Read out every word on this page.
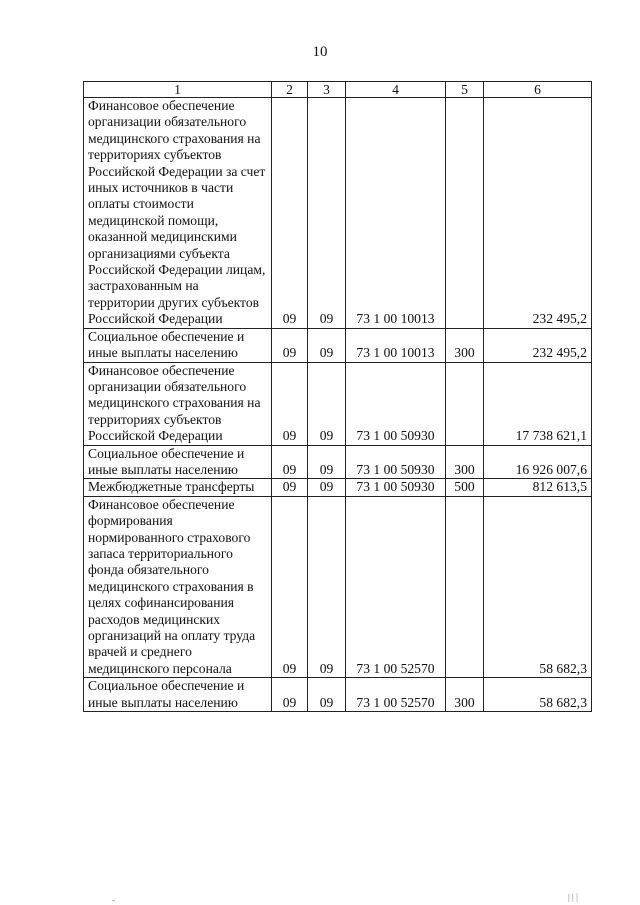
10
1	2	3	4	5	6
Финансовое обеспечение организации обязательного медицинского страхования на территориях субъектов Российской Федерации за счет иных источников в части оплаты стоимости медицинской помощи, оказанной медицинскими организациями субъекта Российской Федерации лицам, застрахованным на территории других субъектов Российской Федерации	09	09	73 1 00 10013		232 495,2
Социальное обеспечение и иные выплаты населению	09	09	73 1 00 10013	300	232 495,2
Финансовое обеспечение организации обязательного медицинского страхования на территориях субъектов Российской Федерации	09	09	73 1 00 50930		17 738 621,1
Социальное обеспечение и иные выплаты населению	09	09	73 1 00 50930	300	16 926 007,6
Межбюджетные трансферты	09	09	73 1 00 50930	500	812 613,5
Финансовое обеспечение формирования нормированного страхового запаса территориального фонда обязательного медицинского страхования в целях софинансирования расходов медицинских организаций на оплату труда врачей и среднего медицинского персонала	09	09	73 1 00 52570		58 682,3
Социальное обеспечение и иные выплаты населению	09	09	73 1 00 52570	300	58 682,3
-	| | |
